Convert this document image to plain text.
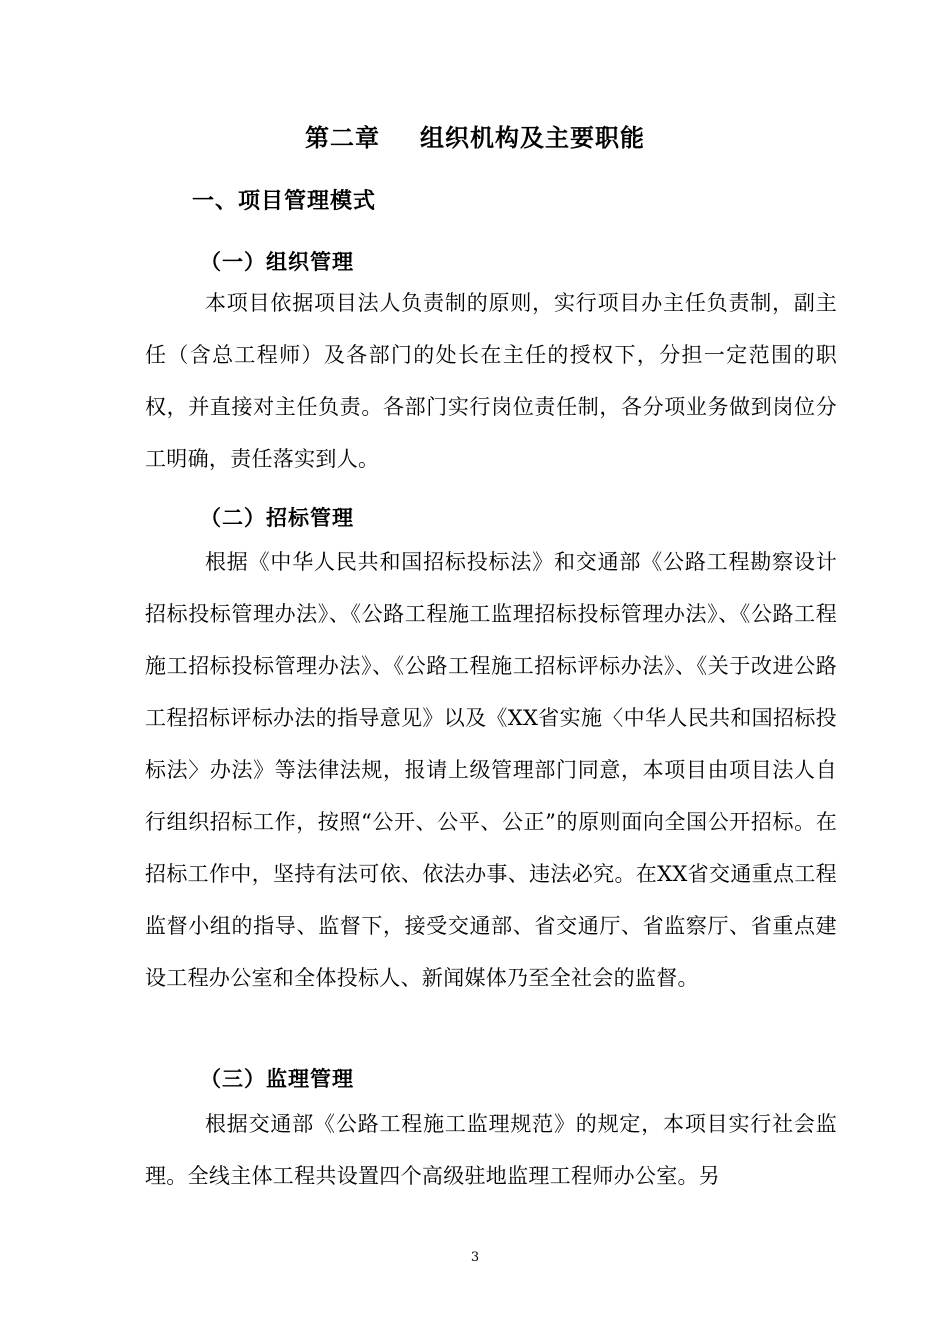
第二章 组织机构及主要职能
一、项目管理模式
（一）组织管理

本项目依据项目法人负责制的原则，实行项目办主任负责制，副主任（含总工程师）及各部门的处长在主任的授权下，分担一定范围的职权，并直接对主任负责。各部门实行岗位责任制，各分项业务做到岗位分工明确，责任落实到人。

（二）招标管理

根据《中华人民共和国招标投标法》和交通部《公路工程勘察设计招标投标管理办法》、《公路工程施工监理招标投标管理办法》、《公路工程施工招标投标管理办法》、《公路工程施工招标评标办法》、《关于改进公路工程招标评标办法的指导意见》以及《XX省实施〈中华人民共和国招标投标法〉办法》等法律法规，报请上级管理部门同意，本项目由项目法人自行组织招标工作，按照“公开、公平、公正”的原则面向全国公开招标。在招标工作中，坚持有法可依、依法办事、违法必究。在XX省交通重点工程监督小组的指导、监督下，接受交通部、省交通厅、省监察厅、省重点建设工程办公室和全体投标人、新闻媒体乃至全社会的监督。

（三）监理管理

根据交通部《公路工程施工监理规范》的规定，本项目实行社会监理。全线主体工程共设置四个高级驻地监理工程师办公室。另

3
